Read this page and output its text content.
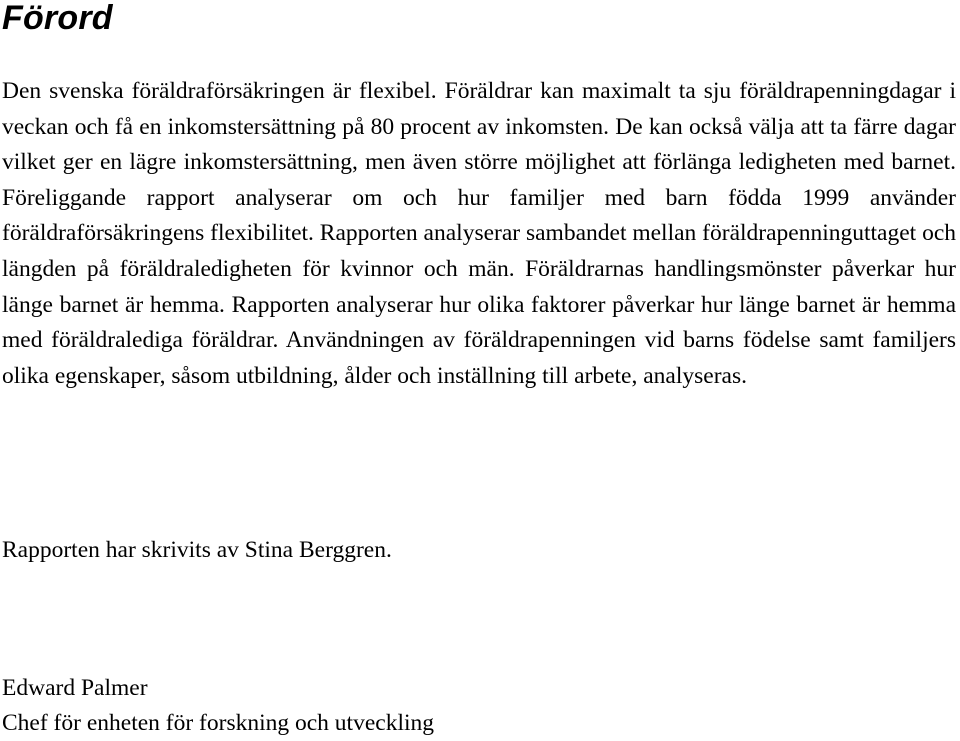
Förord

Den svenska föräldraförsäkringen är flexibel. Föräldrar kan maximalt ta sju föräldrapenningdagar i veckan och få en inkomstersättning på 80 procent av inkomsten. De kan också välja att ta färre dagar vilket ger en lägre inkomstersättning, men även större möjlighet att förlänga ledigheten med barnet. Föreliggande rapport analyserar om och hur familjer med barn födda 1999 använder föräldraförsäkringens flexibilitet. Rapporten analyserar sambandet mellan föräldrapenninguttaget och längden på föräldraledigheten för kvinnor och män. Föräldrarnas handlingsmönster påverkar hur länge barnet är hemma. Rapporten analyserar hur olika faktorer påverkar hur länge barnet är hemma med föräldralediga föräldrar. Användningen av föräldrapenningen vid barns födelse samt familjers olika egenskaper, såsom utbildning, ålder och inställning till arbete, analyseras.

Rapporten har skrivits av Stina Berggren.

Edward Palmer
Chef för enheten för forskning och utveckling
